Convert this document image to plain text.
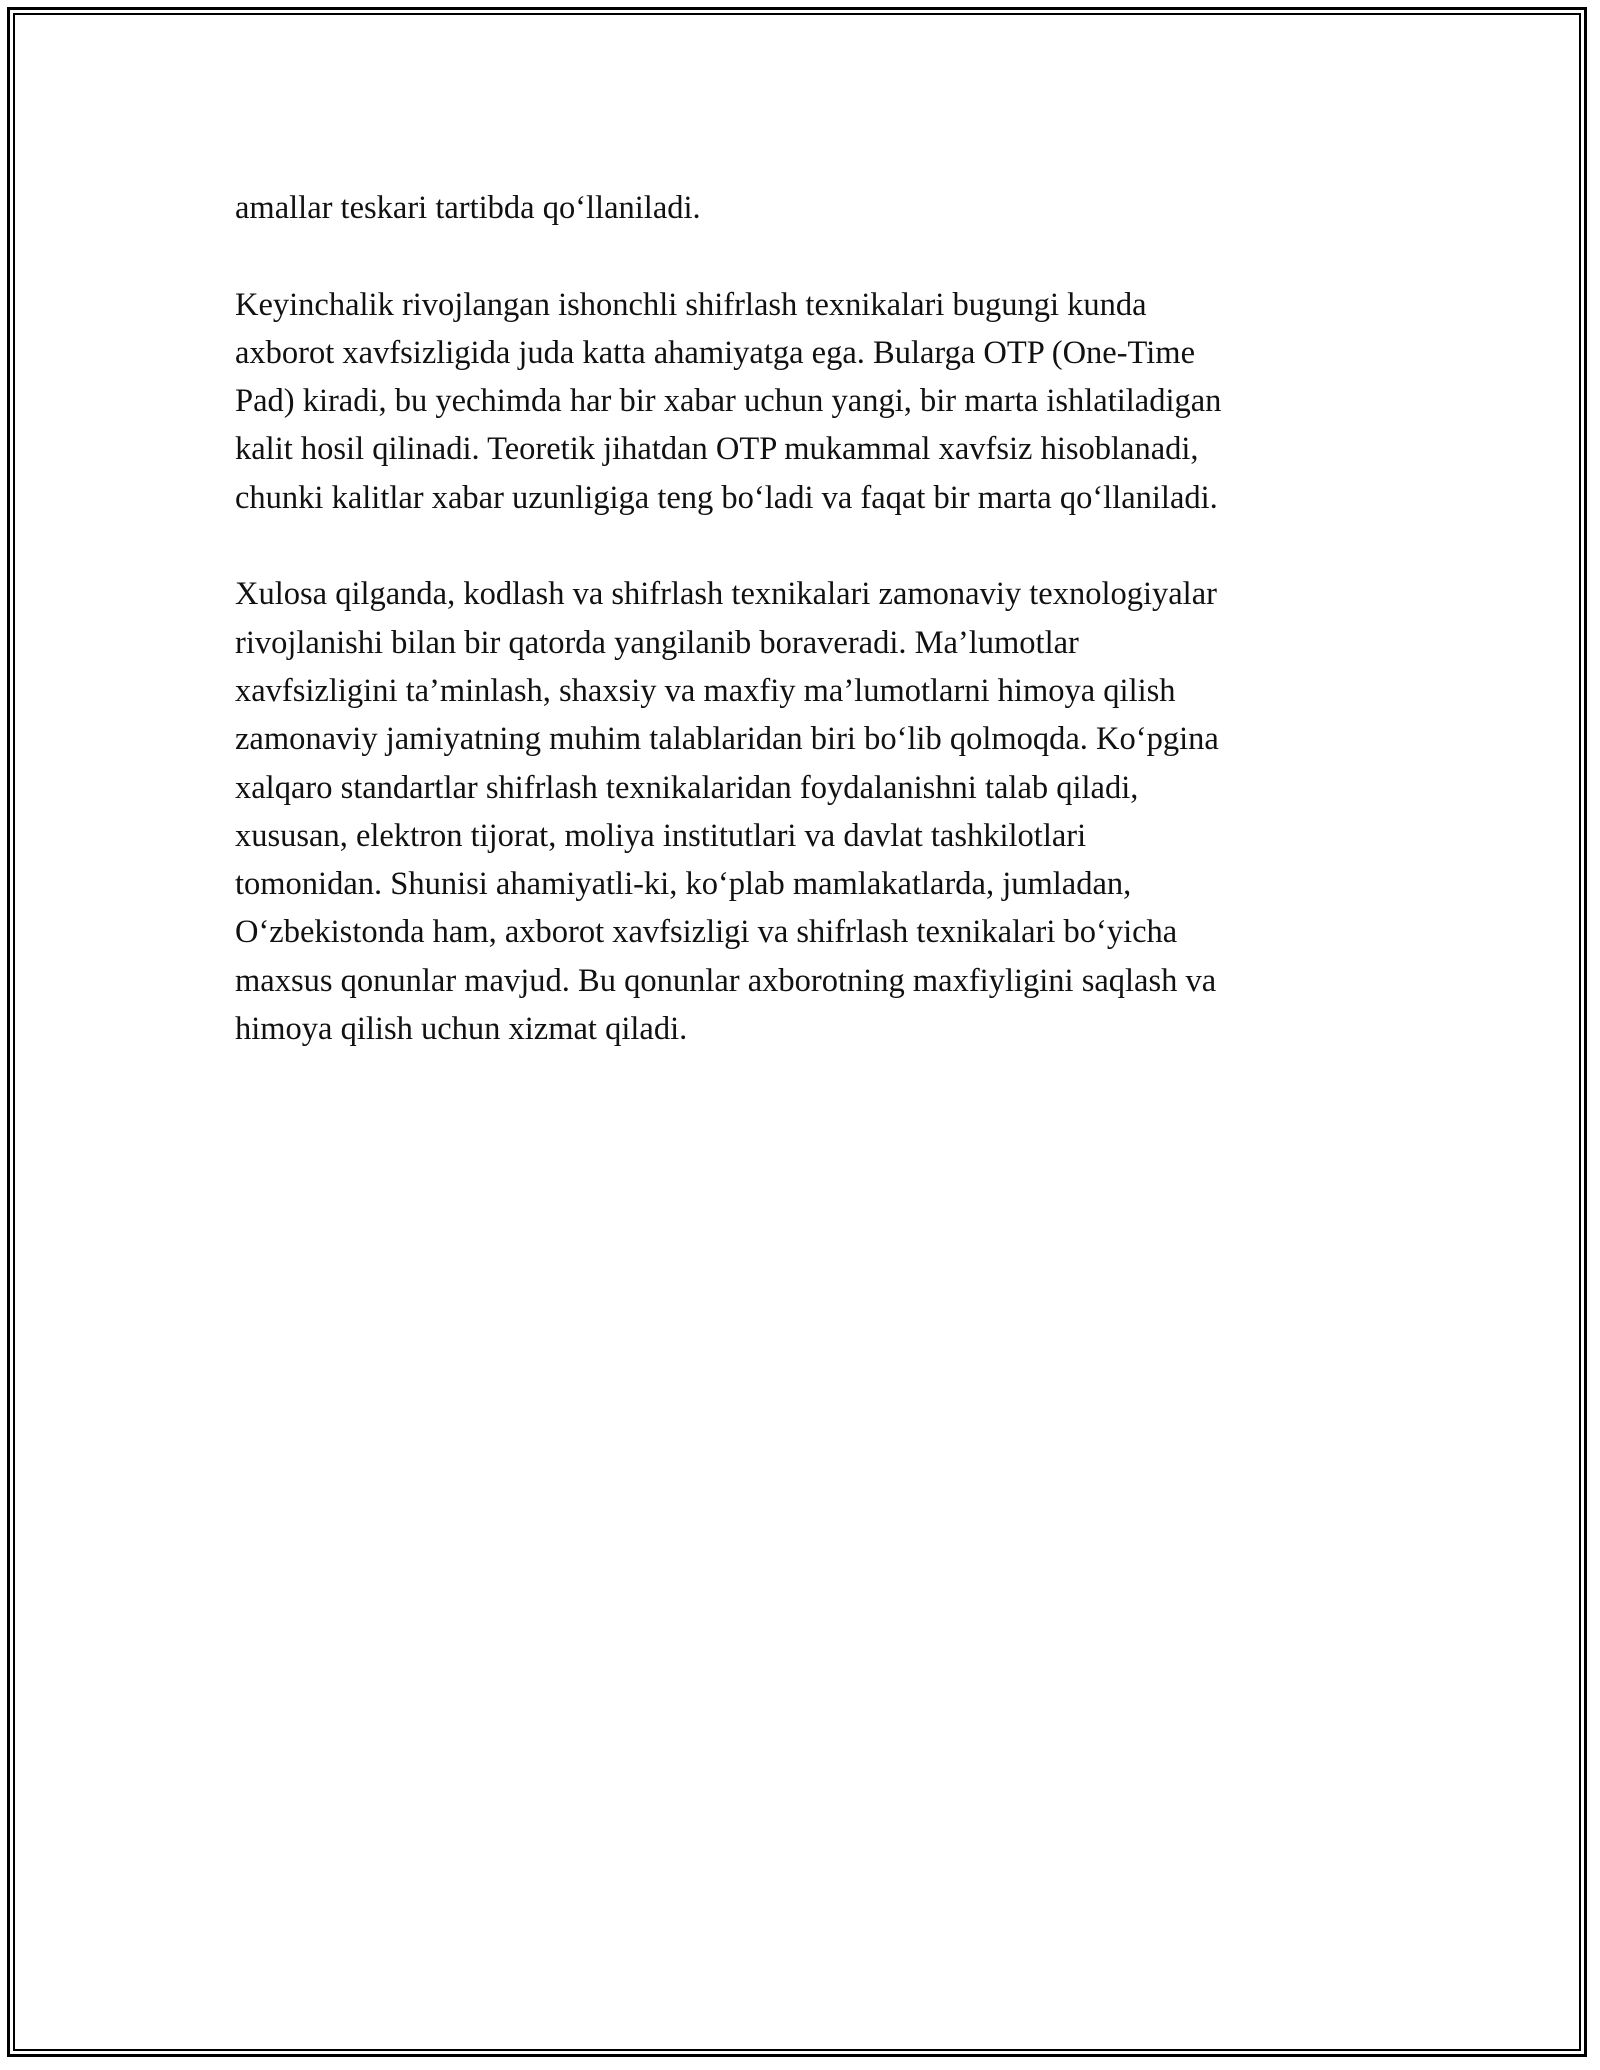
amallar teskari tartibda qo‘llaniladi.

Keyinchalik rivojlangan ishonchli shifrlash texnikalari bugungi kunda
axborot xavfsizligida juda katta ahamiyatga ega. Bularga OTP (One-Time
Pad) kiradi, bu yechimda har bir xabar uchun yangi, bir marta ishlatiladigan
kalit hosil qilinadi. Teoretik jihatdan OTP mukammal xavfsiz hisoblanadi,
chunki kalitlar xabar uzunligiga teng bo‘ladi va faqat bir marta qo‘llaniladi.

Xulosa qilganda, kodlash va shifrlash texnikalari zamonaviy texnologiyalar
rivojlanishi bilan bir qatorda yangilanib boraveradi. Ma’lumotlar
xavfsizligini ta’minlash, shaxsiy va maxfiy ma’lumotlarni himoya qilish
zamonaviy jamiyatning muhim talablaridan biri bo‘lib qolmoqda. Ko‘pgina
xalqaro standartlar shifrlash texnikalaridan foydalanishni talab qiladi,
xususan, elektron tijorat, moliya institutlari va davlat tashkilotlari
tomonidan. Shunisi ahamiyatli-ki, ko‘plab mamlakatlarda, jumladan,
O‘zbekistonda ham, axborot xavfsizligi va shifrlash texnikalari bo‘yicha
maxsus qonunlar mavjud. Bu qonunlar axborotning maxfiyligini saqlash va
himoya qilish uchun xizmat qiladi.
